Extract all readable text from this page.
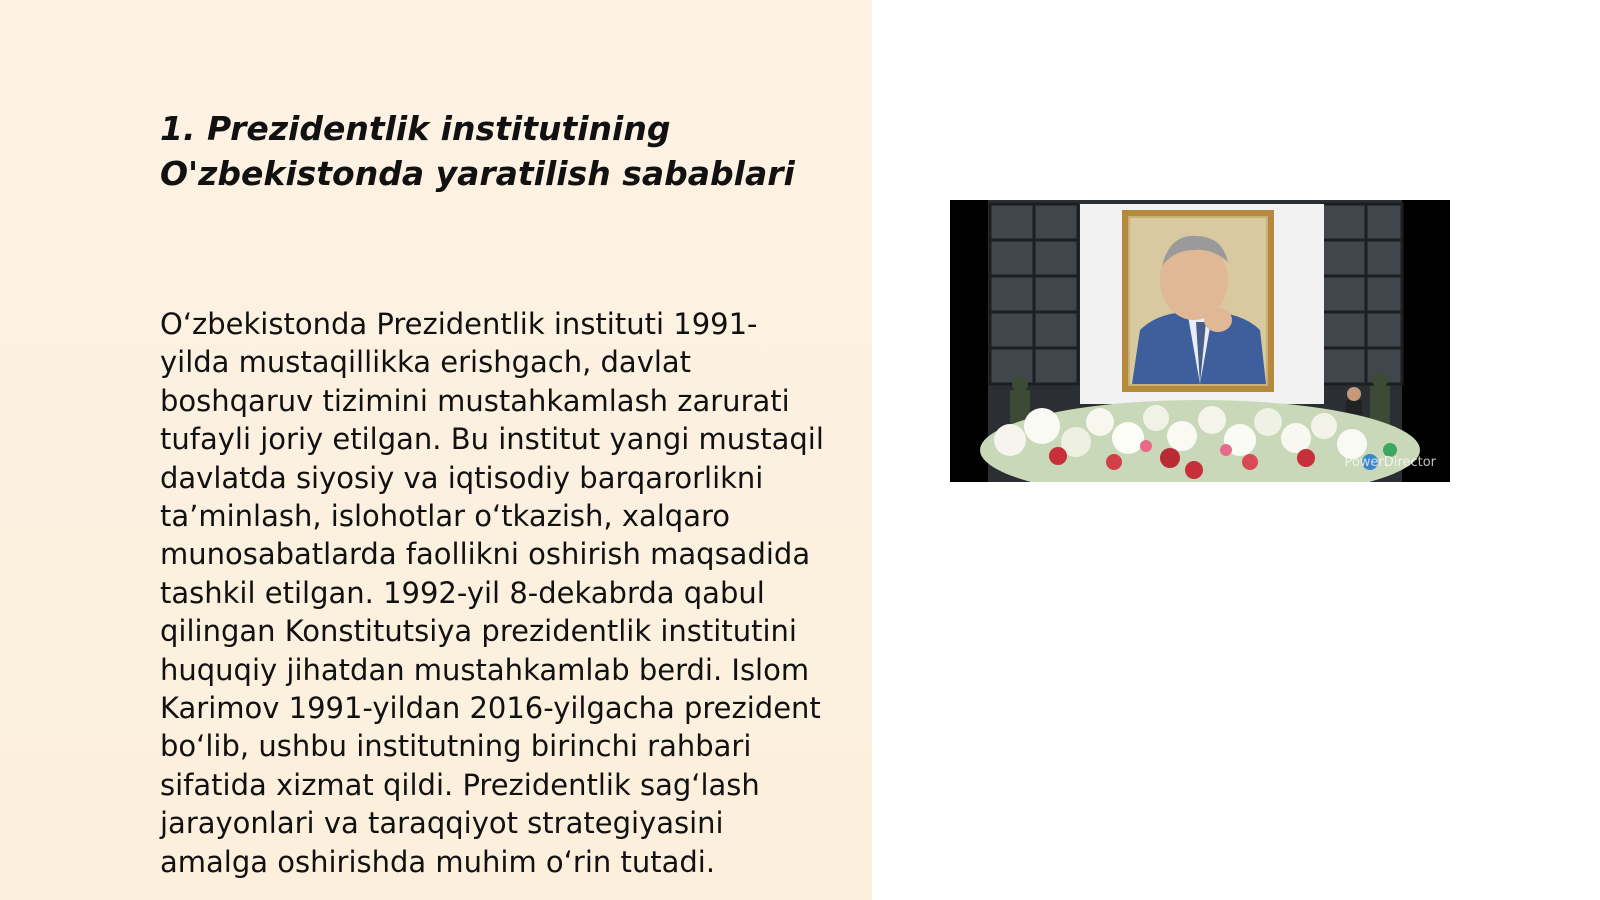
1. Prezidentlik institutining
O'zbekistonda yaratilish sabablari
O‘zbekistonda Prezidentlik instituti 1991-
yilda mustaqillikka erishgach, davlat
boshqaruv tizimini mustahkamlash zarurati
tufayli joriy etilgan. Bu institut yangi mustaqil
davlatda siyosiy va iqtisodiy barqarorlikni
ta’minlash, islohotlar o‘tkazish, xalqaro
munosabatlarda faollikni oshirish maqsadida
tashkil etilgan. 1992-yil 8-dekabrda qabul
qilingan Konstitutsiya prezidentlik institutini
huquqiy jihatdan mustahkamlab berdi. Islom
Karimov 1991-yildan 2016-yilgacha prezident
bo‘lib, ushbu institutning birinchi rahbari
sifatida xizmat qildi. Prezidentlik sag‘lash
jarayonlari va taraqqiyot strategiyasini
amalga oshirishda muhim o‘rin tutadi.
PowerDirector
